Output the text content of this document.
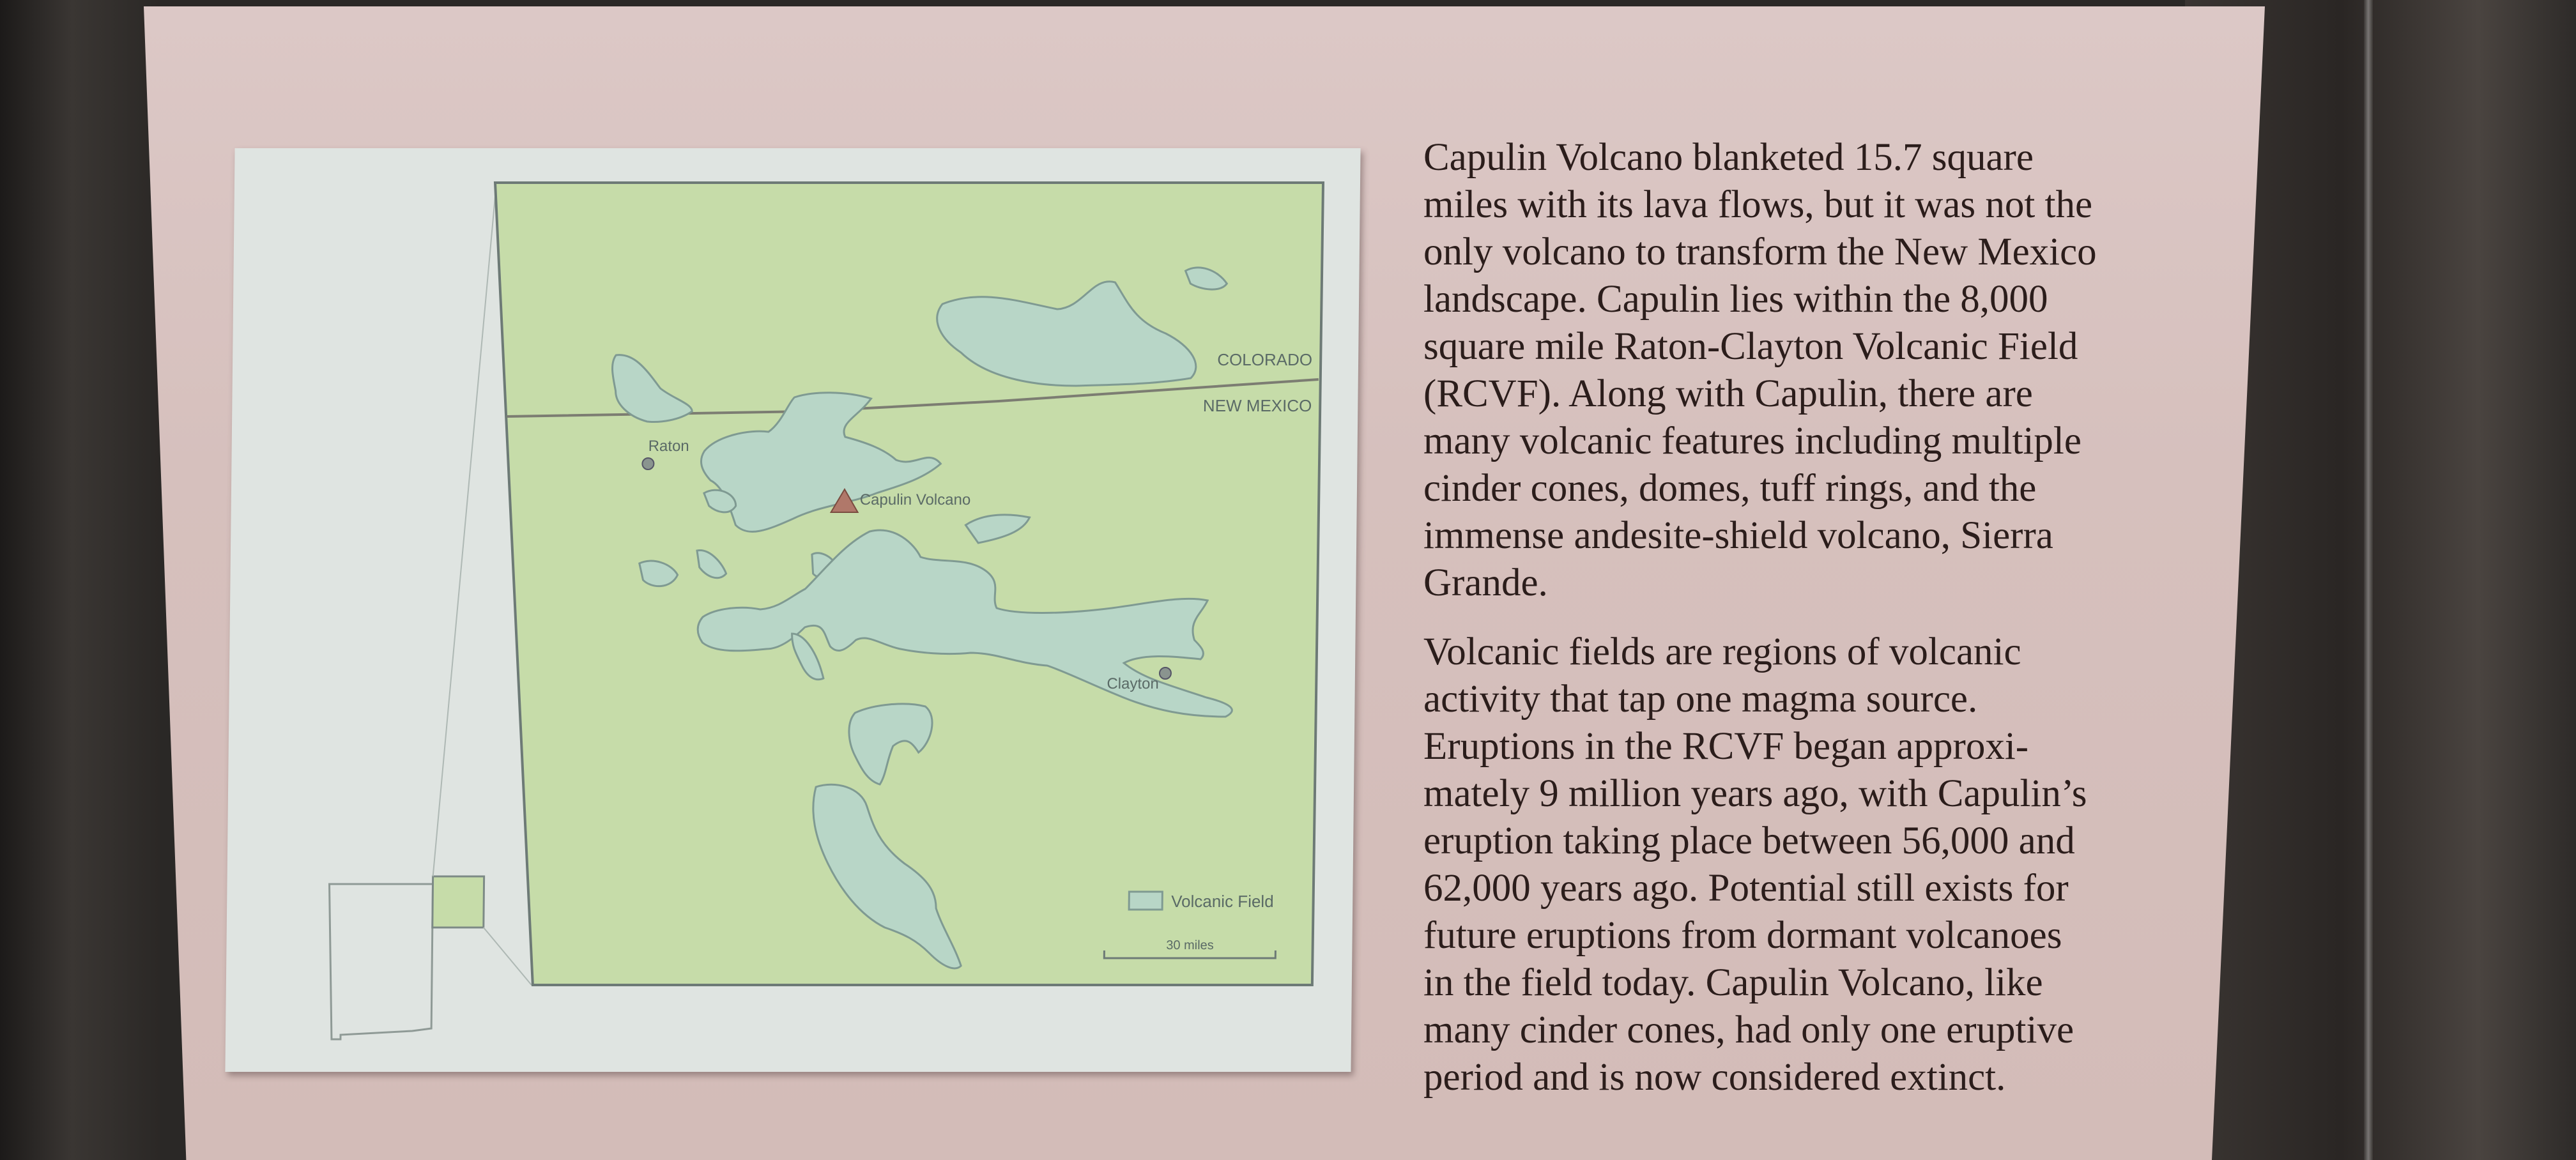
COLORADO
NEW MEXICO
Raton
Capulin Volcano
Clayton
Volcanic Field
30 miles

Capulin Volcano blanketed 15.7 square
miles with its lava flows, but it was not the
only volcano to transform the New Mexico
landscape. Capulin lies within the 8,000
square mile Raton-Clayton Volcanic Field
(RCVF). Along with Capulin, there are
many volcanic features including multiple
cinder cones, domes, tuff rings, and the
immense andesite-shield volcano, Sierra
Grande.

Volcanic fields are regions of volcanic
activity that tap one magma source.
Eruptions in the RCVF began approxi-
mately 9 million years ago, with Capulin’s
eruption taking place between 56,000 and
62,000 years ago. Potential still exists for
future eruptions from dormant volcanoes
in the field today. Capulin Volcano, like
many cinder cones, had only one eruptive
period and is now considered extinct.
